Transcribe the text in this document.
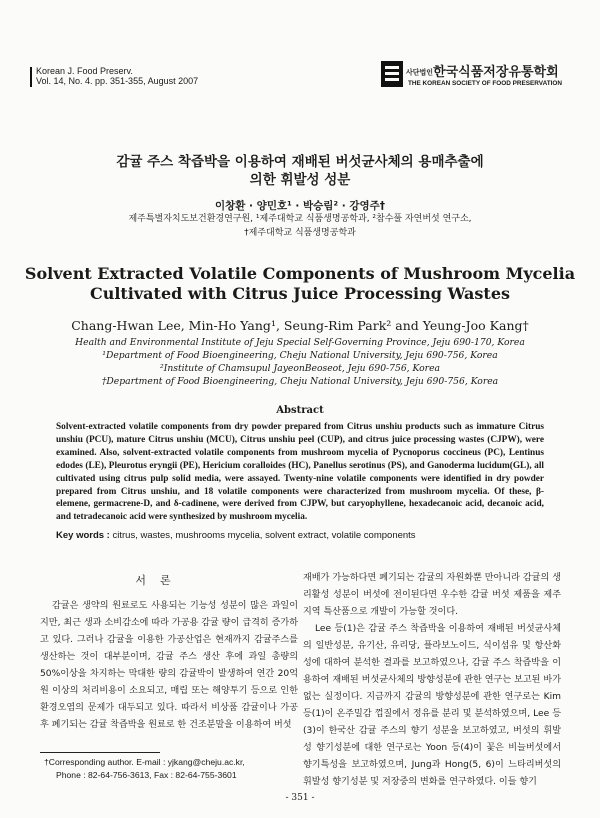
Korean J. Food Preserv.
Vol. 14, No. 4. pp. 351-355, August 2007
사단법인한국식품저장유통학회
THE KOREAN SOCIETY OF FOOD PRESERVATION
감귤 주스 착즙박을 이용하여 재배된 버섯균사체의 용매추출에
의한 휘발성 성분
이창환 · 양민호¹ · 박승림² · 강영주†
제주특별자치도보건환경연구원, ¹제주대학교 식품생명공학과, ²참수풀 자연버섯 연구소,
†제주대학교 식품생명공학과
Solvent Extracted Volatile Components of Mushroom Mycelia
Cultivated with Citrus Juice Processing Wastes
Chang-Hwan Lee, Min-Ho Yang¹, Seung-Rim Park² and Yeung-Joo Kang†
Health and Environmental Institute of Jeju Special Self-Governing Province, Jeju 690-170, Korea
¹Department of Food Bioengineering, Cheju National University, Jeju 690-756, Korea
²Institute of Chamsupul JayeonBeoseot, Jeju 690-756, Korea
†Department of Food Bioengineering, Cheju National University, Jeju 690-756, Korea
Abstract
Solvent-extracted volatile components from dry powder prepared from Citrus unshiu products such as immature Citrus unshiu (PCU), mature Citrus unshiu (MCU), Citrus unshiu peel (CUP), and citrus juice processing wastes (CJPW), were examined. Also, solvent-extracted volatile components from mushroom mycelia of Pycnoporus coccineus (PC), Lentinus edodes (LE), Pleurotus eryngii (PE), Hericium coralloides (HC), Panellus serotinus (PS), and Ganoderma lucidum(GL), all cultivated using citrus pulp solid media, were assayed. Twenty-nine volatile components were identified in dry powder prepared from Citrus unshiu, and 18 volatile components were characterized from mushroom mycelia. Of these, β-elemene, germacrene-D, and δ-cadinene, were derived from CJPW, but caryophyllene, hexadecanoic acid, decanoic acid, and tetradecanoic acid were synthesized by mushroom mycelia.
Key words : citrus, wastes, mushrooms mycelia, solvent extract, volatile components
서론

감귤은 생약의 원료로도 사용되는 기능성 성분이 많은 과일이지만, 최근 생과 소비감소에 따라 가공용 감귤 량이 급격히 증가하고 있다. 그러나 감귤을 이용한 가공산업은 현재까지 감귤주스를 생산하는 것이 대부분이며, 감귤 주스 생산 후에 과일 총량의 50%이상을 차지하는 막대한 량의 감귤박이 발생하여 연간 20억 원 이상의 처리비용이 소요되고, 매립 또는 해양투기 등으로 인한 환경오염의 문제가 대두되고 있다. 따라서 비상품 감귤이나 가공 후 폐기되는 감귤 착즙박을 원료로 한 건조분말을 이용하여 버섯

재배가 가능하다면 폐기되는 감귤의 자원화뿐 만아니라 감귤의 생리활성 성분이 버섯에 전이된다면 우수한 감귤 버섯 제품을 제주지역 특산품으로 개발이 가능할 것이다.

Lee 등(1)은 감귤 주스 착즙박을 이용하여 재배된 버섯균사체의 일반성분, 유기산, 유리당, 플라보노이드, 식이섬유 및 항산화성에 대하여 분석한 결과를 보고하였으나, 감귤 주스 착즙박을 이용하여 재배된 버섯균사체의 방향성분에 관한 연구는 보고된 바가 없는 실정이다. 지금까지 감귤의 방향성분에 관한 연구로는 Kim 등(1)이 온주밀감 껍질에서 정유를 분리 및 분석하였으며, Lee 등(3)이 한국산 감귤 주스의 향기 성분을 보고하였고, 버섯의 휘발성 향기성분에 대한 연구로는 Yoon 등(4)이 꽃은 비늘버섯에서 향기특성을 보고하였으며, Jung과 Hong(5, 6)이 느타리버섯의 휘발성 향기성분 및 저장중의 변화를 연구하였다. 이들 향기

†Corresponding author. E-mail : yjkang@cheju.ac.kr,
Phone : 82-64-756-3613, Fax : 82-64-755-3601
- 351 -
